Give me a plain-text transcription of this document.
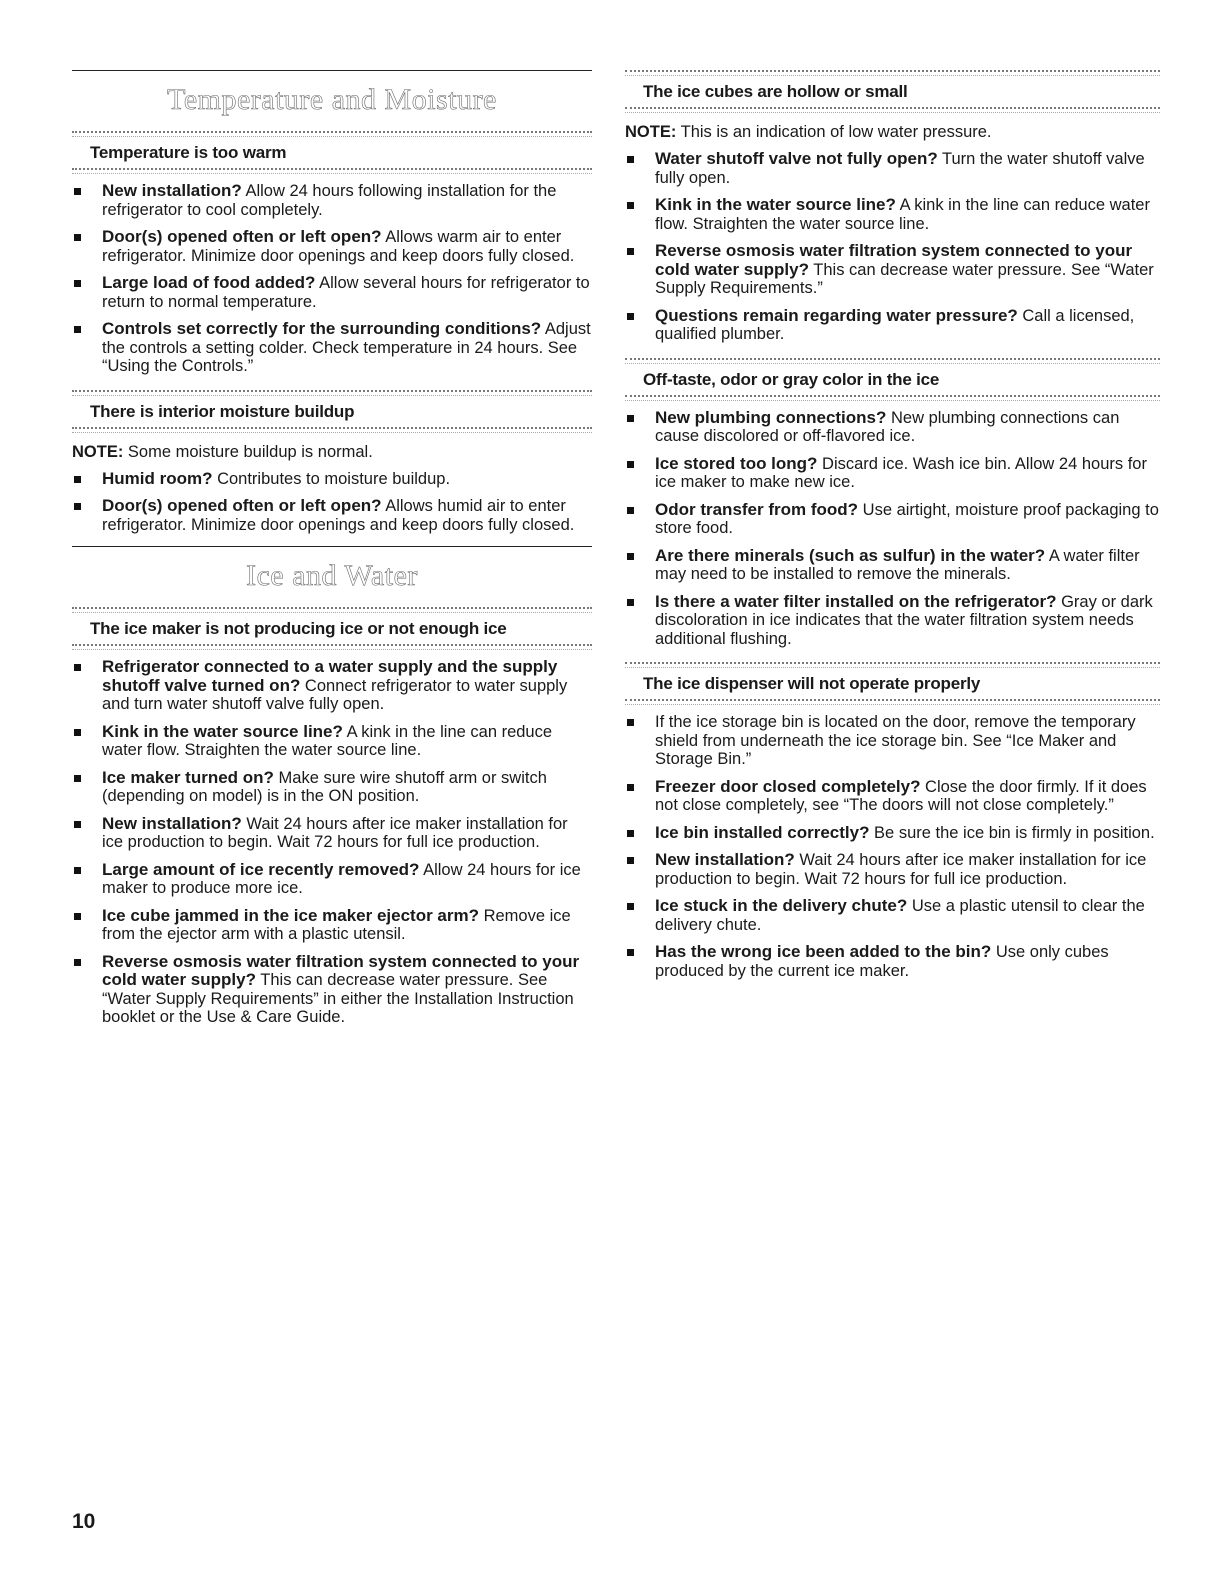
Temperature and Moisture
Temperature is too warm
New installation? Allow 24 hours following installation for the refrigerator to cool completely.
Door(s) opened often or left open? Allows warm air to enter refrigerator. Minimize door openings and keep doors fully closed.
Large load of food added? Allow several hours for refrigerator to return to normal temperature.
Controls set correctly for the surrounding conditions? Adjust the controls a setting colder. Check temperature in 24 hours. See “Using the Controls.”
There is interior moisture buildup
NOTE: Some moisture buildup is normal.
Humid room? Contributes to moisture buildup.
Door(s) opened often or left open? Allows humid air to enter refrigerator. Minimize door openings and keep doors fully closed.
Ice and Water
The ice maker is not producing ice or not enough ice
Refrigerator connected to a water supply and the supply shutoff valve turned on? Connect refrigerator to water supply and turn water shutoff valve fully open.
Kink in the water source line? A kink in the line can reduce water flow. Straighten the water source line.
Ice maker turned on? Make sure wire shutoff arm or switch (depending on model) is in the ON position.
New installation? Wait 24 hours after ice maker installation for ice production to begin. Wait 72 hours for full ice production.
Large amount of ice recently removed? Allow 24 hours for ice maker to produce more ice.
Ice cube jammed in the ice maker ejector arm? Remove ice from the ejector arm with a plastic utensil.
Reverse osmosis water filtration system connected to your cold water supply? This can decrease water pressure. See “Water Supply Requirements” in either the Installation Instruction booklet or the Use & Care Guide.
The ice cubes are hollow or small
NOTE: This is an indication of low water pressure.
Water shutoff valve not fully open? Turn the water shutoff valve fully open.
Kink in the water source line? A kink in the line can reduce water flow. Straighten the water source line.
Reverse osmosis water filtration system connected to your cold water supply? This can decrease water pressure. See “Water Supply Requirements.”
Questions remain regarding water pressure? Call a licensed, qualified plumber.
Off-taste, odor or gray color in the ice
New plumbing connections? New plumbing connections can cause discolored or off-flavored ice.
Ice stored too long? Discard ice. Wash ice bin. Allow 24 hours for ice maker to make new ice.
Odor transfer from food? Use airtight, moisture proof packaging to store food.
Are there minerals (such as sulfur) in the water? A water filter may need to be installed to remove the minerals.
Is there a water filter installed on the refrigerator? Gray or dark discoloration in ice indicates that the water filtration system needs additional flushing.
The ice dispenser will not operate properly
If the ice storage bin is located on the door, remove the temporary shield from underneath the ice storage bin. See “Ice Maker and Storage Bin.”
Freezer door closed completely? Close the door firmly. If it does not close completely, see “The doors will not close completely.”
Ice bin installed correctly? Be sure the ice bin is firmly in position.
New installation? Wait 24 hours after ice maker installation for ice production to begin. Wait 72 hours for full ice production.
Ice stuck in the delivery chute? Use a plastic utensil to clear the delivery chute.
Has the wrong ice been added to the bin? Use only cubes produced by the current ice maker.
10
